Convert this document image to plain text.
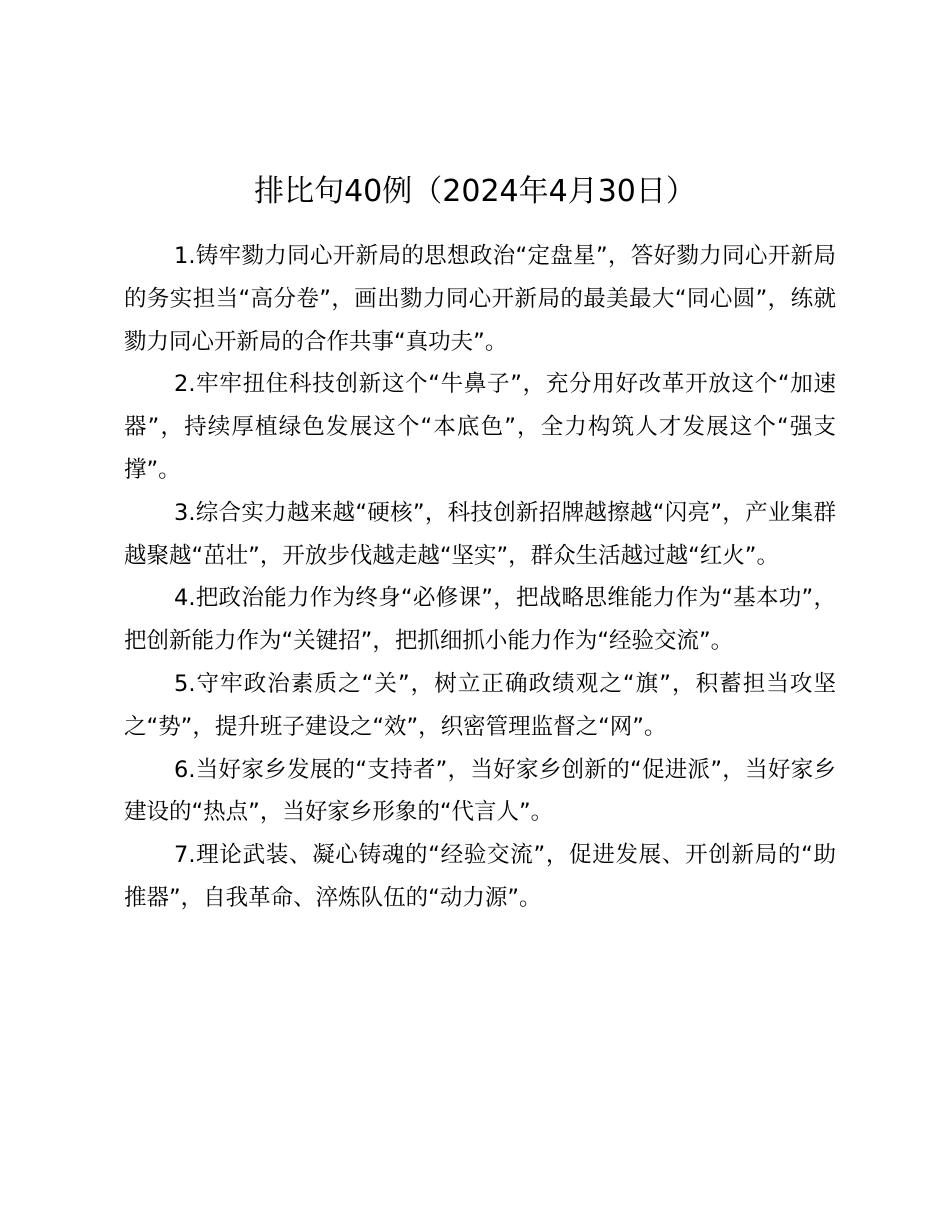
排比句40例（2024年4月30日）

1.铸牢勠力同心开新局的思想政治“定盘星”，答好勠力同心开新局的务实担当“高分卷”，画出勠力同心开新局的最美最大“同心圆”，练就勠力同心开新局的合作共事“真功夫”。

2.牢牢扭住科技创新这个“牛鼻子”，充分用好改革开放这个“加速器”，持续厚植绿色发展这个“本底色”，全力构筑人才发展这个“强支撑”。

3.综合实力越来越“硬核”，科技创新招牌越擦越“闪亮”，产业集群越聚越“茁壮”，开放步伐越走越“坚实”，群众生活越过越“红火”。

4.把政治能力作为终身“必修课”，把战略思维能力作为“基本功”，把创新能力作为“关键招”，把抓细抓小能力作为“经验交流”。

5.守牢政治素质之“关”，树立正确政绩观之“旗”，积蓄担当攻坚之“势”，提升班子建设之“效”，织密管理监督之“网”。

6.当好家乡发展的“支持者”，当好家乡创新的“促进派”，当好家乡建设的“热点”，当好家乡形象的“代言人”。

7.理论武装、凝心铸魂的“经验交流”，促进发展、开创新局的“助推器”，自我革命、淬炼队伍的“动力源”。
